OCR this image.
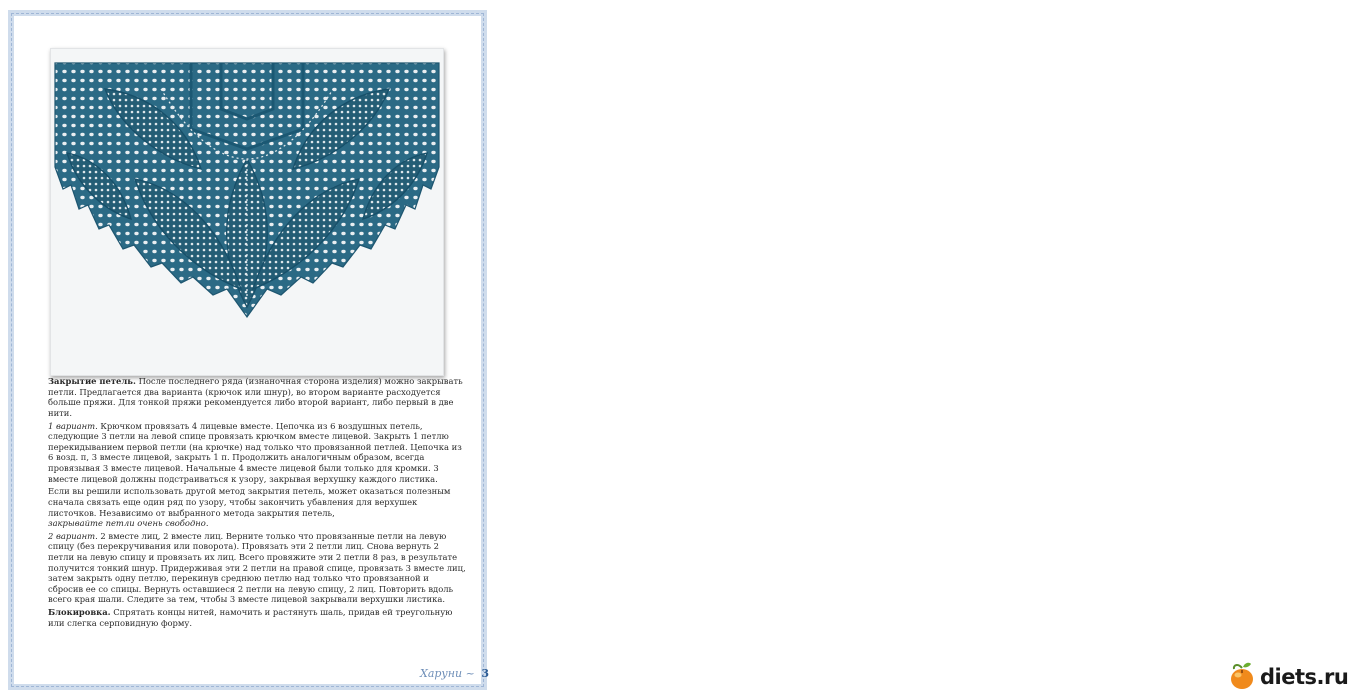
Закрытие петель. После последнего ряда (изнаночная сторона изделия) можно закрывать петли. Предлагается два варианта (крючок или шнур), во втором варианте расходуется больше пряжи. Для тонкой пряжи рекомендуется либо второй вариант, либо первый в две нити.

1 вариант. Крючком провязать 4 лицевые вместе. Цепочка из 6 воздушных петель, следующие 3 петли на левой спице провязать крючком вместе лицевой. Закрыть 1 петлю перекидыванием первой петли (на крючке) над только что провязанной петлей. Цепочка из 6 возд. п, 3 вместе лицевой, закрыть 1 п. Продолжить аналогичным образом, всегда провязывая 3 вместе лицевой. Начальные 4 вместе лицевой были только для кромки. 3 вместе лицевой должны подстраиваться к узору, закрывая верхушку каждого листика.

Если вы решили использовать другой метод закрытия петель, может оказаться полезным сначала связать еще один ряд по узору, чтобы закончить убавления для верхушек листочков. Независимо от выбранного метода закрытия петель,
закрывайте петли очень свободно.

2 вариант. 2 вместе лиц, 2 вместе лиц. Верните только что провязанные петли на левую спицу (без перекручивания или поворота). Провязать эти 2 петли лиц. Снова вернуть 2 петли на левую спицу и провязать их лиц. Всего провяжите эти 2 петли 8 раз, в результате получится тонкий шнур. Придерживая эти 2 петли на правой спице, провязать 3 вместе лиц, затем закрыть одну петлю, перекинув среднюю петлю над только что провязанной и сбросив ее со спицы. Вернуть оставшиеся 2 петли на левую спицу, 2 лиц. Повторить вдоль всего края шали. Следите за тем, чтобы 3 вместе лицевой закрывали верхушки листика.

Блокировка. Спрятать концы нитей, намочить и растянуть шаль, придав ей треугольную или слегка серповидную форму.

Харуни ~ 3	diets.ru
